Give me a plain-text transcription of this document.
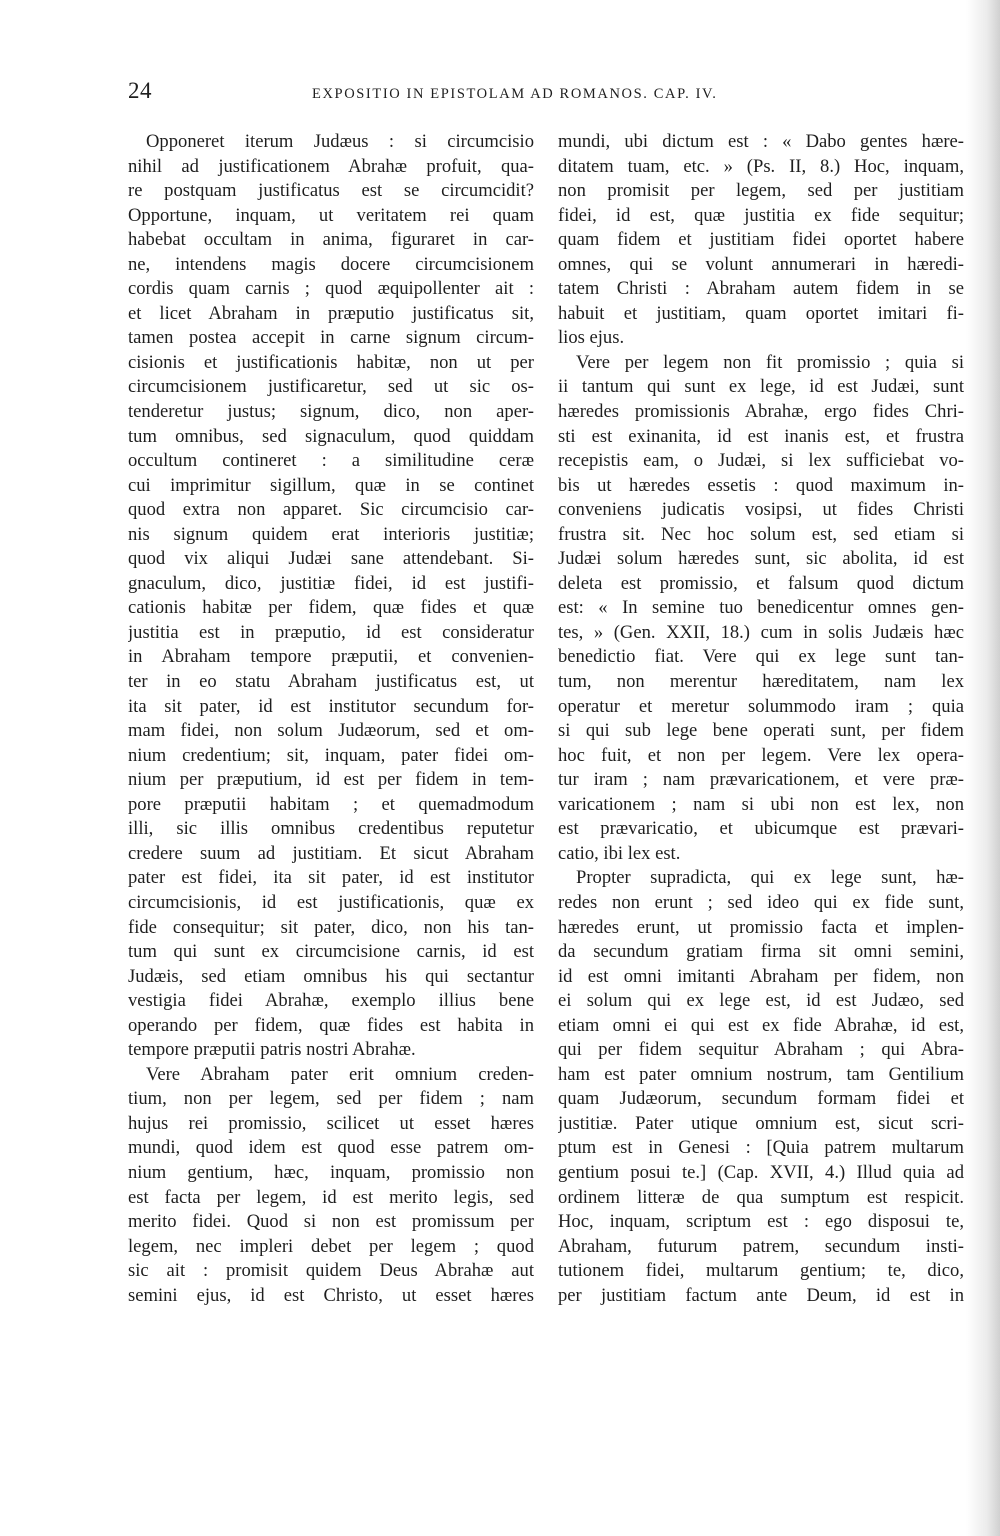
24	EXPOSITIO IN EPISTOLAM AD ROMANOS. CAP. IV.
Opponeret iterum Judæus : si circumcisio
nihil ad justificationem Abrahæ profuit, qua-
re postquam justificatus est se circumcidit?
Opportune, inquam, ut veritatem rei quam
habebat occultam in anima, figuraret in car-
ne, intendens magis docere circumcisionem
cordis quam carnis ; quod æquipollenter ait :
et licet Abraham in præputio justificatus sit,
tamen postea accepit in carne signum circum-
cisionis et justificationis habitæ, non ut per
circumcisionem justificaretur, sed ut sic os-
tenderetur justus; signum, dico, non aper-
tum omnibus, sed signaculum, quod quiddam
occultum contineret : a similitudine ceræ
cui imprimitur sigillum, quæ in se continet
quod extra non apparet. Sic circumcisio car-
nis signum quidem erat interioris justitiæ;
quod vix aliqui Judæi sane attendebant. Si-
gnaculum, dico, justitiæ fidei, id est justifi-
cationis habitæ per fidem, quæ fides et quæ
justitia est in præputio, id est consideratur
in Abraham tempore præputii, et convenien-
ter in eo statu Abraham justificatus est, ut
ita sit pater, id est institutor secundum for-
mam fidei, non solum Judæorum, sed et om-
nium credentium; sit, inquam, pater fidei om-
nium per præputium, id est per fidem in tem-
pore præputii habitam ; et quemadmodum
illi, sic illis omnibus credentibus reputetur
credere suum ad justitiam. Et sicut Abraham
pater est fidei, ita sit pater, id est institutor
circumcisionis, id est justificationis, quæ ex
fide consequitur; sit pater, dico, non his tan-
tum qui sunt ex circumcisione carnis, id est
Judæis, sed etiam omnibus his qui sectantur
vestigia fidei Abrahæ, exemplo illius bene
operando per fidem, quæ fides est habita in
tempore præputii patris nostri Abrahæ.
Vere Abraham pater erit omnium creden-
tium, non per legem, sed per fidem ; nam
hujus rei promissio, scilicet ut esset hæres
mundi, quod idem est quod esse patrem om-
nium gentium, hæc, inquam, promissio non
est facta per legem, id est merito legis, sed
merito fidei. Quod si non est promissum per
legem, nec impleri debet per legem ; quod
sic ait : promisit quidem Deus Abrahæ aut
semini ejus, id est Christo, ut esset hæres
mundi, ubi dictum est : « Dabo gentes hære-
ditatem tuam, etc. » (Ps. II, 8.) Hoc, inquam,
non promisit per legem, sed per justitiam
fidei, id est, quæ justitia ex fide sequitur;
quam fidem et justitiam fidei oportet habere
omnes, qui se volunt annumerari in hæredi-
tatem Christi : Abraham autem fidem in se
habuit et justitiam, quam oportet imitari fi-
lios ejus.
Vere per legem non fit promissio ; quia si
ii tantum qui sunt ex lege, id est Judæi, sunt
hæredes promissionis Abrahæ, ergo fides Chri-
sti est exinanita, id est inanis est, et frustra
recepistis eam, o Judæi, si lex sufficiebat vo-
bis ut hæredes essetis : quod maximum in-
conveniens judicatis vosipsi, ut fides Christi
frustra sit. Nec hoc solum est, sed etiam si
Judæi solum hæredes sunt, sic abolita, id est
deleta est promissio, et falsum quod dictum
est: « In semine tuo benedicentur omnes gen-
tes, » (Gen. XXII, 18.) cum in solis Judæis hæc
benedictio fiat. Vere qui ex lege sunt tan-
tum, non merentur hæreditatem, nam lex
operatur et meretur solummodo iram ; quia
si qui sub lege bene operati sunt, per fidem
hoc fuit, et non per legem. Vere lex opera-
tur iram ; nam prævaricationem, et vere præ-
varicationem ; nam si ubi non est lex, non
est prævaricatio, et ubicumque est prævari-
catio, ibi lex est.
Propter supradicta, qui ex lege sunt, hæ-
redes non erunt ; sed ideo qui ex fide sunt,
hæredes erunt, ut promissio facta et implen-
da secundum gratiam firma sit omni semini,
id est omni imitanti Abraham per fidem, non
ei solum qui ex lege est, id est Judæo, sed
etiam omni ei qui est ex fide Abrahæ, id est,
qui per fidem sequitur Abraham ; qui Abra-
ham est pater omnium nostrum, tam Gentilium
quam Judæorum, secundum formam fidei et
justitiæ. Pater utique omnium est, sicut scri-
ptum est in Genesi : [Quia patrem multarum
gentium posui te.] (Cap. XVII, 4.) Illud quia ad
ordinem litteræ de qua sumptum est respicit.
Hoc, inquam, scriptum est : ego disposui te,
Abraham, futurum patrem, secundum insti-
tutionem fidei, multarum gentium; te, dico,
per justitiam factum ante Deum, id est in
